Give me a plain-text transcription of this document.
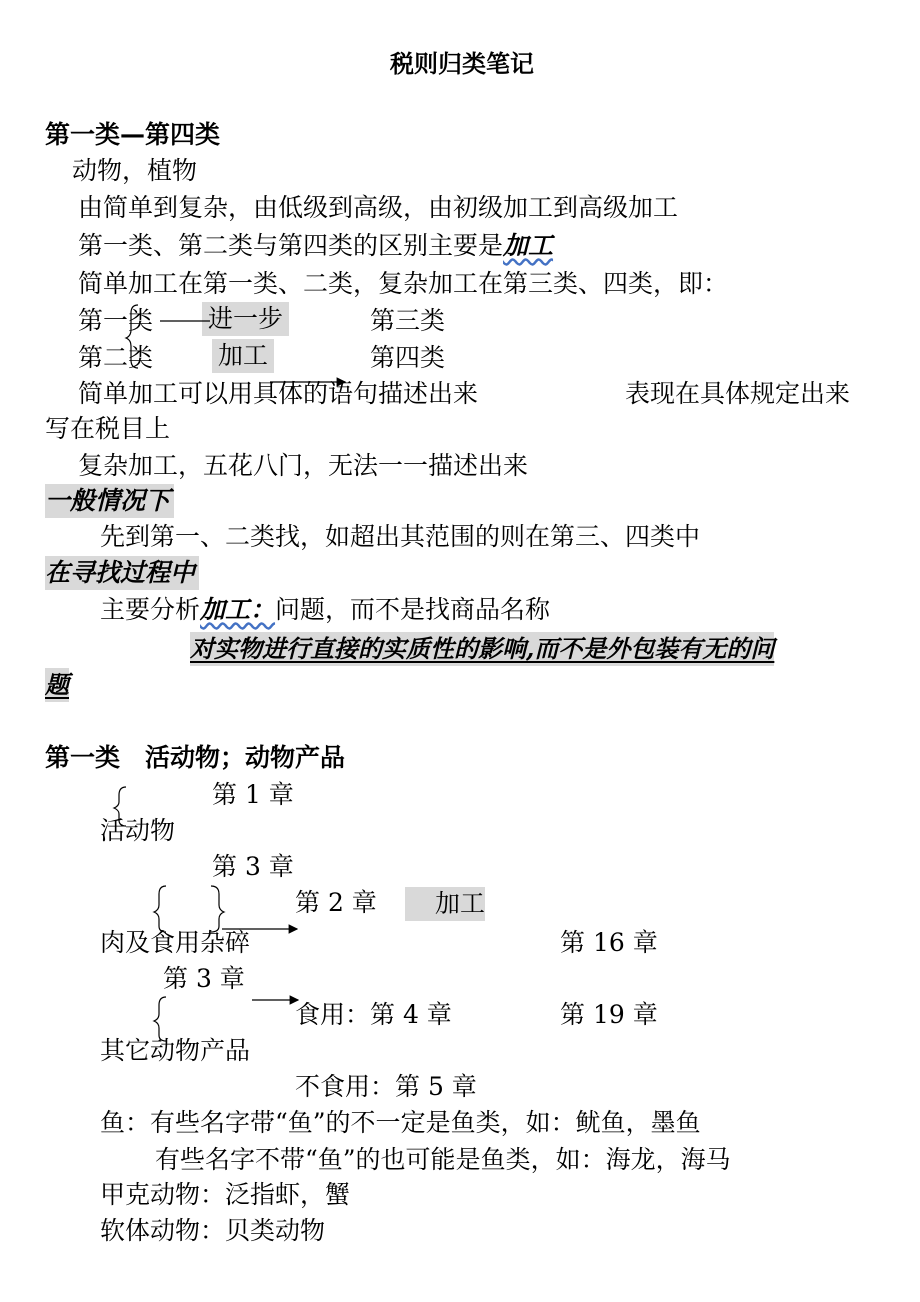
税则归类笔记
第一类—第四类
动物，植物
由简单到复杂，由低级到高级，由初级加工到高级加工
第一类、第二类与第四类的区别主要是加工
简单加工在第一类、二类，复杂加工在第三类、四类，即：
第一类 进一步	第三类
第二类	加工	第四类
简单加工可以用具体的语句描述出来	表现在具体规定出来
写在税目上
复杂加工，五花八门，无法一一描述出来
一般情况下
先到第一、二类找，如超出其范围的则在第三、四类中
在寻找过程中
主要分析加工：问题，而不是找商品名称
对实物进行直接的实质性的影响,而不是外包装有无的问
题
第一类　活动物；动物产品
第 1 章
活动物
第 3 章
第 2 章	加工
肉及食用杂碎	第 16 章
第 3 章
食用：第 4 章	第 19 章
其它动物产品
不食用：第 5 章
鱼：有些名字带“鱼”的不一定是鱼类，如：鱿鱼，墨鱼
有些名字不带“鱼”的也可能是鱼类，如：海龙，海马
甲克动物：泛指虾，蟹
软体动物：贝类动物
